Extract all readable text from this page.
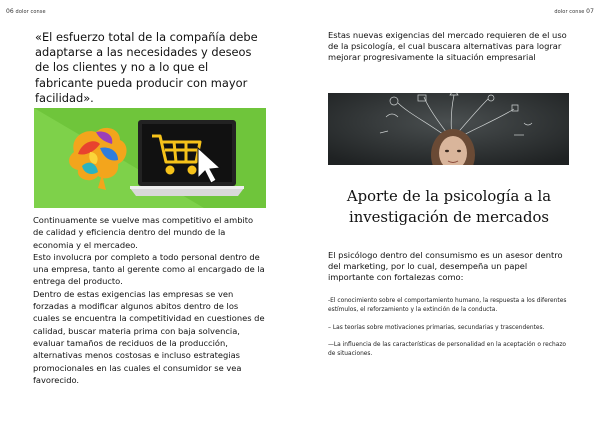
06 dolor conse
«El esfuerzo total de la compañía debe adaptarse a las necesidades y deseos de los clientes y no a lo que el fabricante pueda producir con mayor facilidad».
Continuamente se vuelve mas competitivo el ambito de calidad y eficiencia dentro del mundo de la economia y el mercadeo.
Esto involucra por completo a todo personal dentro de una empresa, tanto al gerente como al encargado de la entrega del producto.
Dentro de estas exigencias las empresas se ven forzadas a modificar algunos abitos dentro de los cuales se encuentra la competitividad en cuestiones de calidad, buscar materia prima con baja solvencia, evaluar tamaños de reciduos de la producción, alternativas menos costosas e incluso estrategias promocionales en las cuales el consumidor se vea favorecido.
dolor conse 07
Estas nuevas exigencias del mercado requieren de el uso de la psicología, el cual buscara alternativas para lograr mejorar progresivamente la situación empresarial
Aporte de la psicología a la investigación de mercados
El psicólogo dentro del consumismo es un asesor dentro del marketing, por lo cual, desempeña un papel importante con fortalezas como:
-El conocimiento sobre el comportamiento humano, la respuesta a los diferentes estímulos, el reforzamiento y la extinción de la conducta.
– Las teorías sobre motivaciones primarias, secundarias y trascendentes.
—La influencia de las características de personalidad en la aceptación o rechazo de situaciones.
